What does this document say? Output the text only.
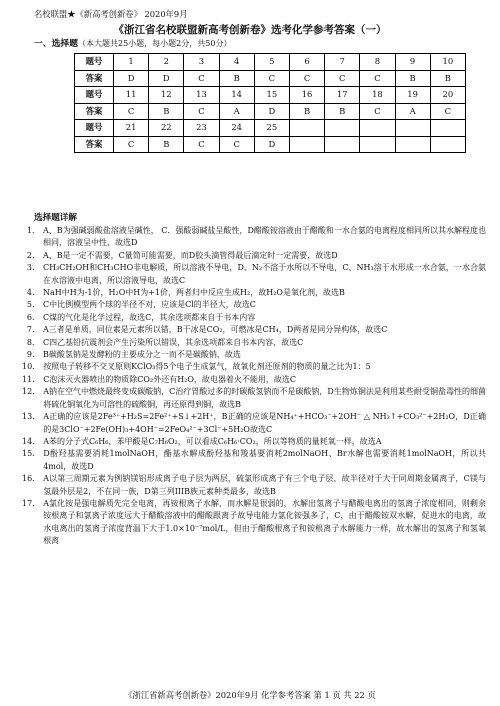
名校联盟★《新高考创新卷》 2020年9月
《浙江省名校联盟新高考创新卷》选考化学参考答案（一）
一、选择题（本大题共25小题，每小题2分，共50分）
题号	1	2	3	4	5	6	7	8	9	10
答案	D	D	C	B	C	C	C	C	B	B
题号	11	12	13	14	15	16	17	18	19	20
答案	C	B	C	A	D	B	B	C	A	C
题号	21	22	23	24	25					
答案	C	B	C	C	D					
选择题详解
1． A、B为强碱弱酸盐溶液呈碱性， C．强酸弱碱盐呈酸性，D醋酸铵溶液由于醋酸和一水合氨的电离程度相同所以其水解程度也相同，溶液呈中性，故选D
2． A、B是一定不需要，C量筒可能需要，而D胶头滴管得最后滴定时一定需要，故选D
3． CH₃CH₂OH和CH₃CHO非电解质，所以溶液不导电，D、N₂不溶于水所以不导电，C、NH₃溶于水形成一水合氨，一水合氨在水溶液中电离，所以溶液导电，故选C
4． NaH中H为-1价，H₂O中H为+1价，两者归中反应生成H₂，故H₂O是氧化剂，故选B
5． C中比例模型两个球的半径不对，应该是Cl的半径大，故选C
6． C煤的气化是化学过程，故选C，其余选项都来自于书本内容
7． A三者是单质，同位素是元素所以错，B干冰是CO₂，可燃冰是CH₄，D两者是同分异构体，故选C
8． C四乙基铅抗震剂会产生污染所以错误，其余选项都来自书本内容，故选C
9． B碳酸氢钠是发酵粉的主要成分之一而不是碳酸钠，故选
10． 按照电子转移不交叉原则KClO₃得5个电子生成氯气，故氧化剂还原剂的物质的量之比为1：5
11． C泡沫灭火器喷出的物质除CO₂外还有H₂O，故电器着火不能用，故选C
12． A钠在空气中燃烧最终变成碳酸钠，C治疗胃酸过多的时碳酸氢钠而不是碳酸钠，D生物炼铜法是利用某些耐受铜盐毒性的细菌将硫化铜氧化为可溶性的硫酸铜，再还原得到铜，故选B
13． A正确的应该是2Fe³⁺+H₂S=2Fe²⁺+S↓+2H⁺，B正确的应该是NH₄⁺+HCO₃⁻+2OH⁻ △ NH₃↑+CO₃²⁻+2H₂O，D正确的是3ClO⁻+2Fe(OH)₃+4OH⁻=2FeO₄²⁻+3Cl⁻+5H₂O故选C
14． A苯的分子式C₆H₆，苯甲酸是C₇H₆O₂，可以看成C₆H₆·CO₂，所以等物质的量耗氧一样，故选A
15． D酚羟基需要消耗1molNaOH，酯基水解成酚羟基和羧基要消耗2molNaOH、Br水解也需要消耗1molNaOH，所以共4mol，故选D
16． A以第三周期元素为例钠镁铝形成离子电子层为两层，硫氯形成离子有三个电子层，故半径对于大于同周期金属离子，C镁与氢最外层是2，不在同一族，D第三列IIIB族元素种类最多，故选B
17． A氯化铵是强电解质先完全电离，再铵根离子水解，而水解是很弱的，水解出氢离子与醋酸电离出的氢离子浓度相同，则剩余铵根离子和氯离子浓度远大于醋酸溶液中的醋酸跟离子故导电能力氯化铵强多了，C，由于醋酸铵双水解，促进水的电离，故水电离出的氢离子浓度背温下大于1.0×10⁻⁷mol/L，但由于醋酸根离子和铵根离子水解能力一样，故水解出的氢离子和氢氧根离
《浙江省新高考创新卷》2020年9月 化学参考答案 第 1 页 共 22 页
